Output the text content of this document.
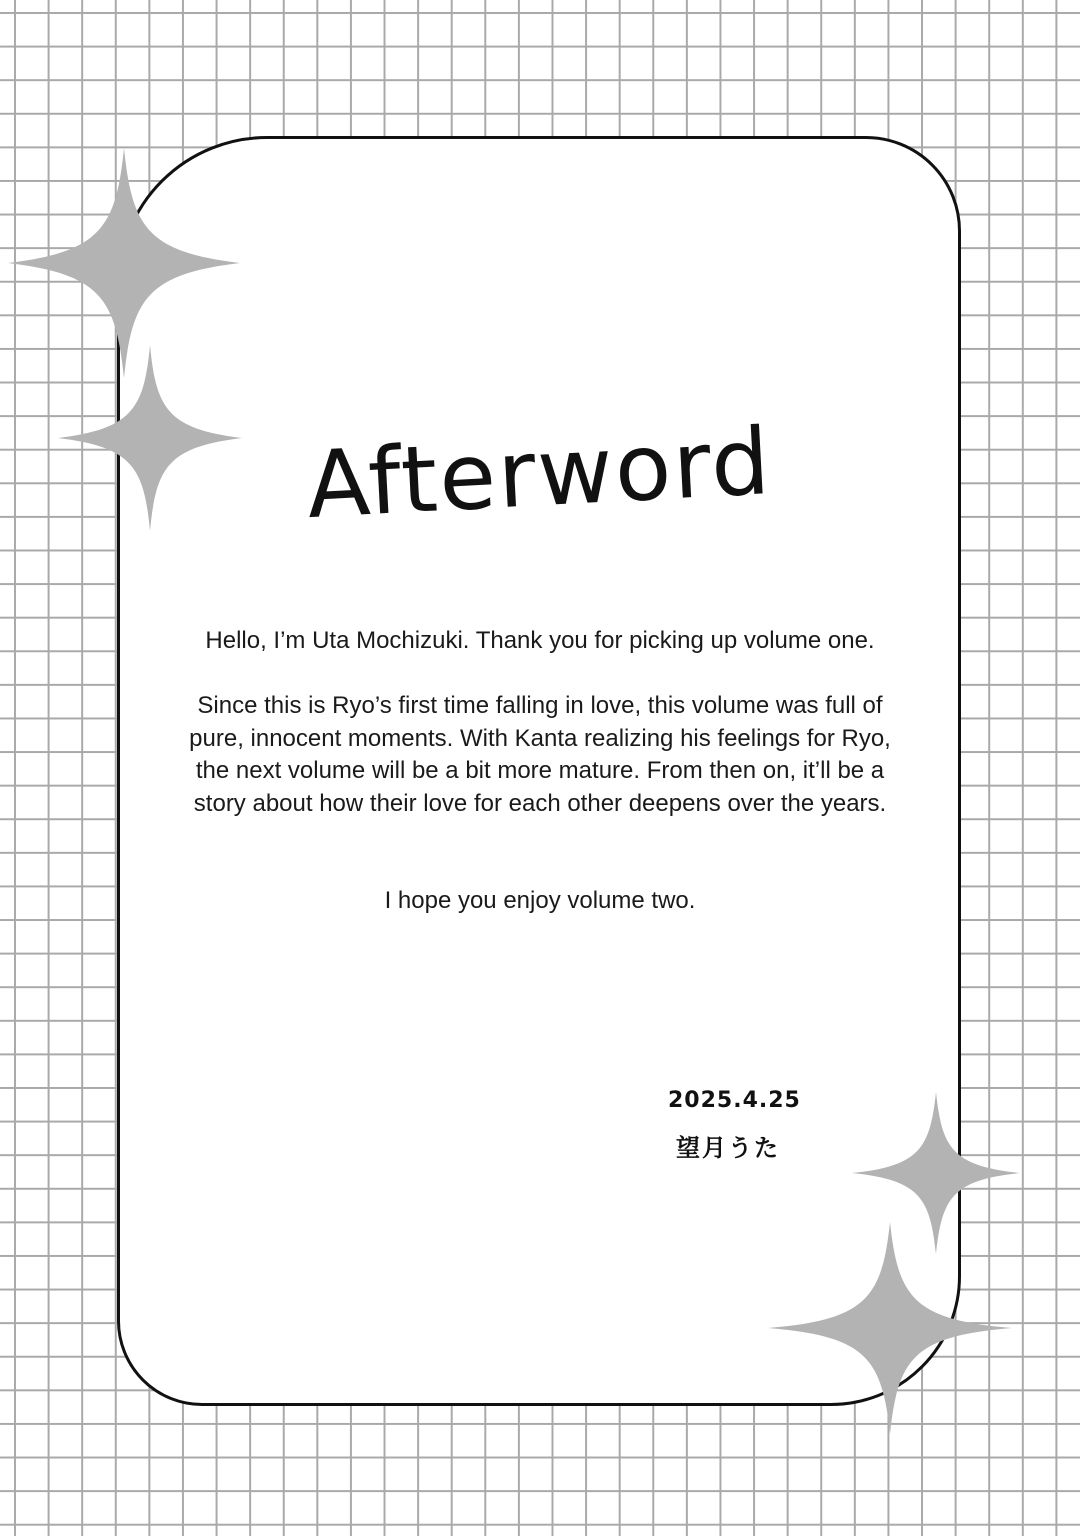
Afterword

Hello, I’m Uta Mochizuki. Thank you for picking up volume one.

Since this is Ryo’s first time falling in love, this volume was full of pure, innocent moments. With Kanta realizing his feelings for Ryo, the next volume will be a bit more mature. From then on, it’ll be a story about how their love for each other deepens over the years.

I hope you enjoy volume two.

2025.4.25
望月うた
